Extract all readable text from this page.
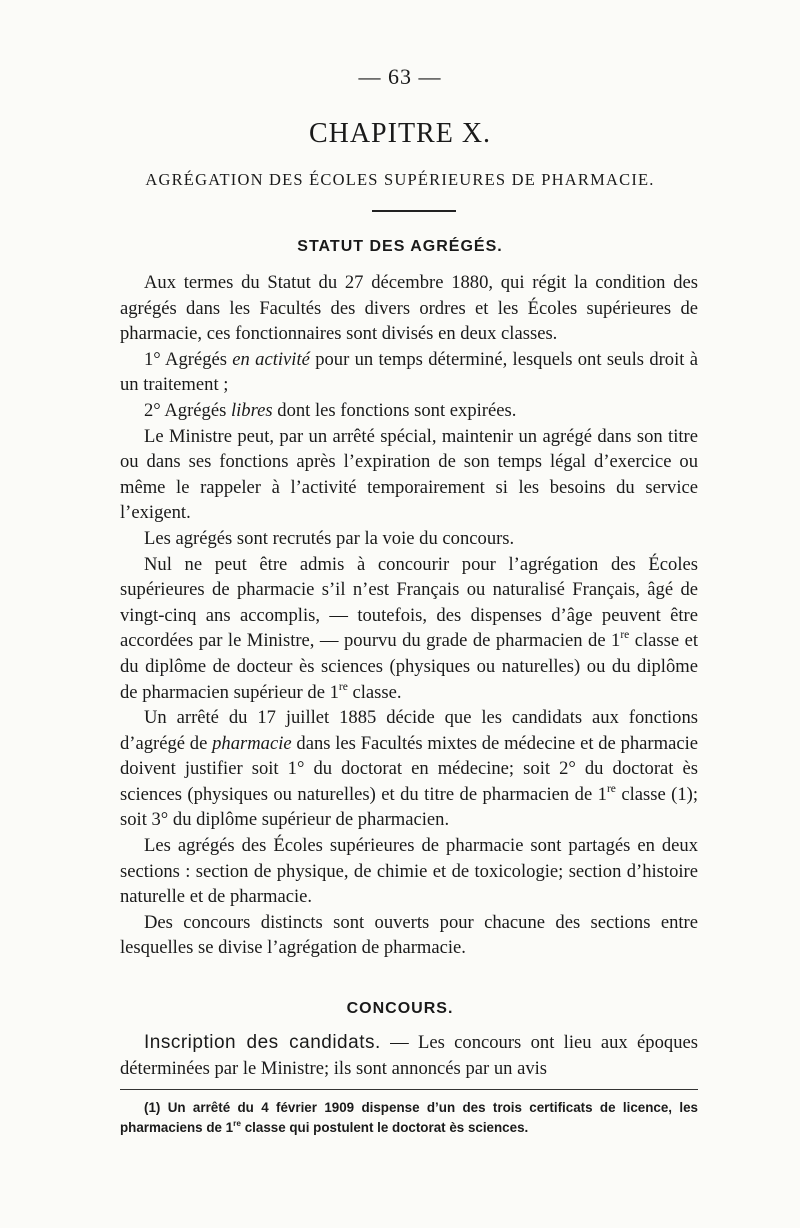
— 63 —
CHAPITRE X.
AGRÉGATION DES ÉCOLES SUPÉRIEURES DE PHARMACIE.
STATUT DES AGRÉGÉS.

Aux termes du Statut du 27 décembre 1880, qui régit la condition des agrégés dans les Facultés des divers ordres et les Écoles supérieures de pharmacie, ces fonctionnaires sont divisés en deux classes.

1° Agrégés en activité pour un temps déterminé, lesquels ont seuls droit à un traitement ;

2° Agrégés libres dont les fonctions sont expirées.

Le Ministre peut, par un arrêté spécial, maintenir un agrégé dans son titre ou dans ses fonctions après l’expiration de son temps légal d’exercice ou même le rappeler à l’activité temporairement si les besoins du service l’exigent.

Les agrégés sont recrutés par la voie du concours.

Nul ne peut être admis à concourir pour l’agrégation des Écoles supérieures de pharmacie s’il n’est Français ou naturalisé Français, âgé de vingt-cinq ans accomplis, — toutefois, des dispenses d’âge peuvent être accordées par le Ministre, — pourvu du grade de pharmacien de 1re classe et du diplôme de docteur ès sciences (physiques ou naturelles) ou du diplôme de pharmacien supérieur de 1re classe.

Un arrêté du 17 juillet 1885 décide que les candidats aux fonctions d’agrégé de pharmacie dans les Facultés mixtes de médecine et de pharmacie doivent justifier soit 1° du doctorat en médecine; soit 2° du doctorat ès sciences (physiques ou naturelles) et du titre de pharmacien de 1re classe (1); soit 3° du diplôme supérieur de pharmacien.

Les agrégés des Écoles supérieures de pharmacie sont partagés en deux sections : section de physique, de chimie et de toxicologie; section d’histoire naturelle et de pharmacie.

Des concours distincts sont ouverts pour chacune des sections entre lesquelles se divise l’agrégation de pharmacie.

CONCOURS.

Inscription des candidats. — Les concours ont lieu aux époques déterminées par le Ministre; ils sont annoncés par un avis

(1) Un arrêté du 4 février 1909 dispense d’un des trois certificats de licence, les pharmaciens de 1re classe qui postulent le doctorat ès sciences.
